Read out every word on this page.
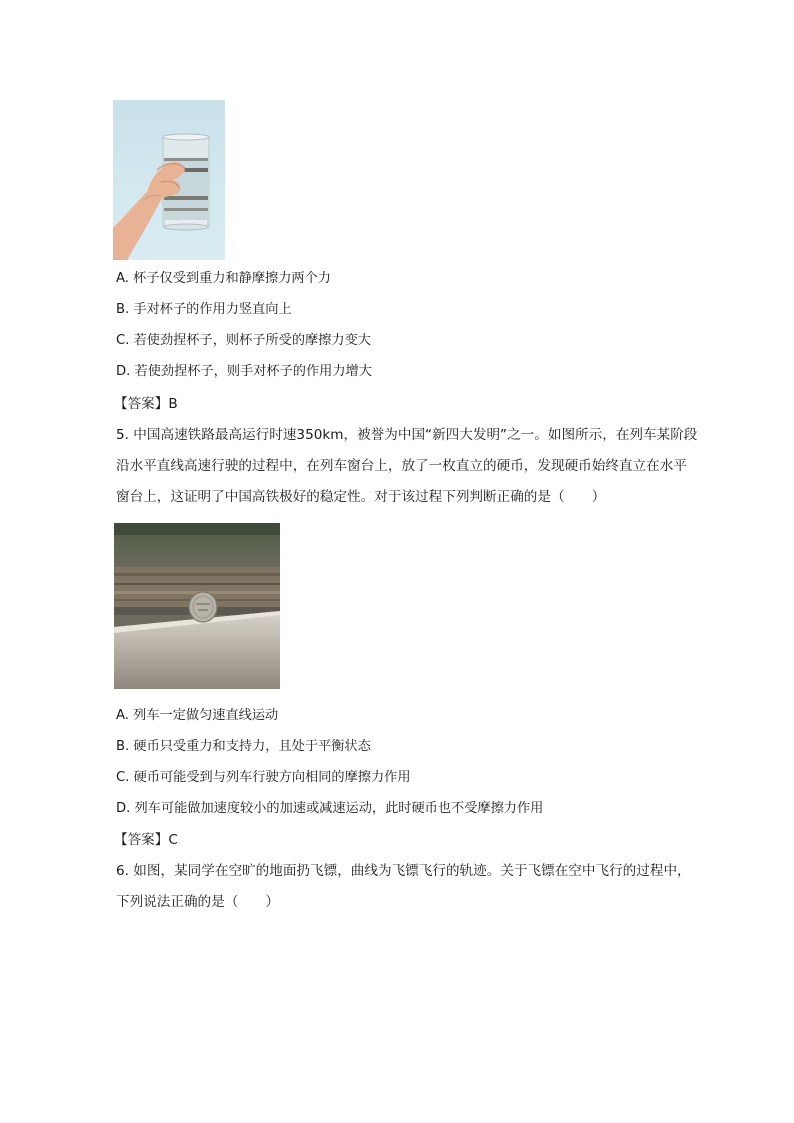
A. 杯子仅受到重力和静摩擦力两个力
B. 手对杯子的作用力竖直向上
C. 若使劲捏杯子，则杯子所受的摩擦力变大
D. 若使劲捏杯子，则手对杯子的作用力增大
【答案】B
5. 中国高速铁路最高运行时速350km，被誉为中国“新四大发明”之一。如图所示，在列车某阶段
沿水平直线高速行驶的过程中，在列车窗台上，放了一枚直立的硬币，发现硬币始终直立在水平
窗台上，这证明了中国高铁极好的稳定性。对于该过程下列判断正确的是（　　）
A. 列车一定做匀速直线运动
B. 硬币只受重力和支持力，且处于平衡状态
C. 硬币可能受到与列车行驶方向相同的摩擦力作用
D. 列车可能做加速度较小的加速或减速运动，此时硬币也不受摩擦力作用
【答案】C
6. 如图，某同学在空旷的地面扔飞镖，曲线为飞镖飞行的轨迹。关于飞镖在空中飞行的过程中，
下列说法正确的是（　　）
